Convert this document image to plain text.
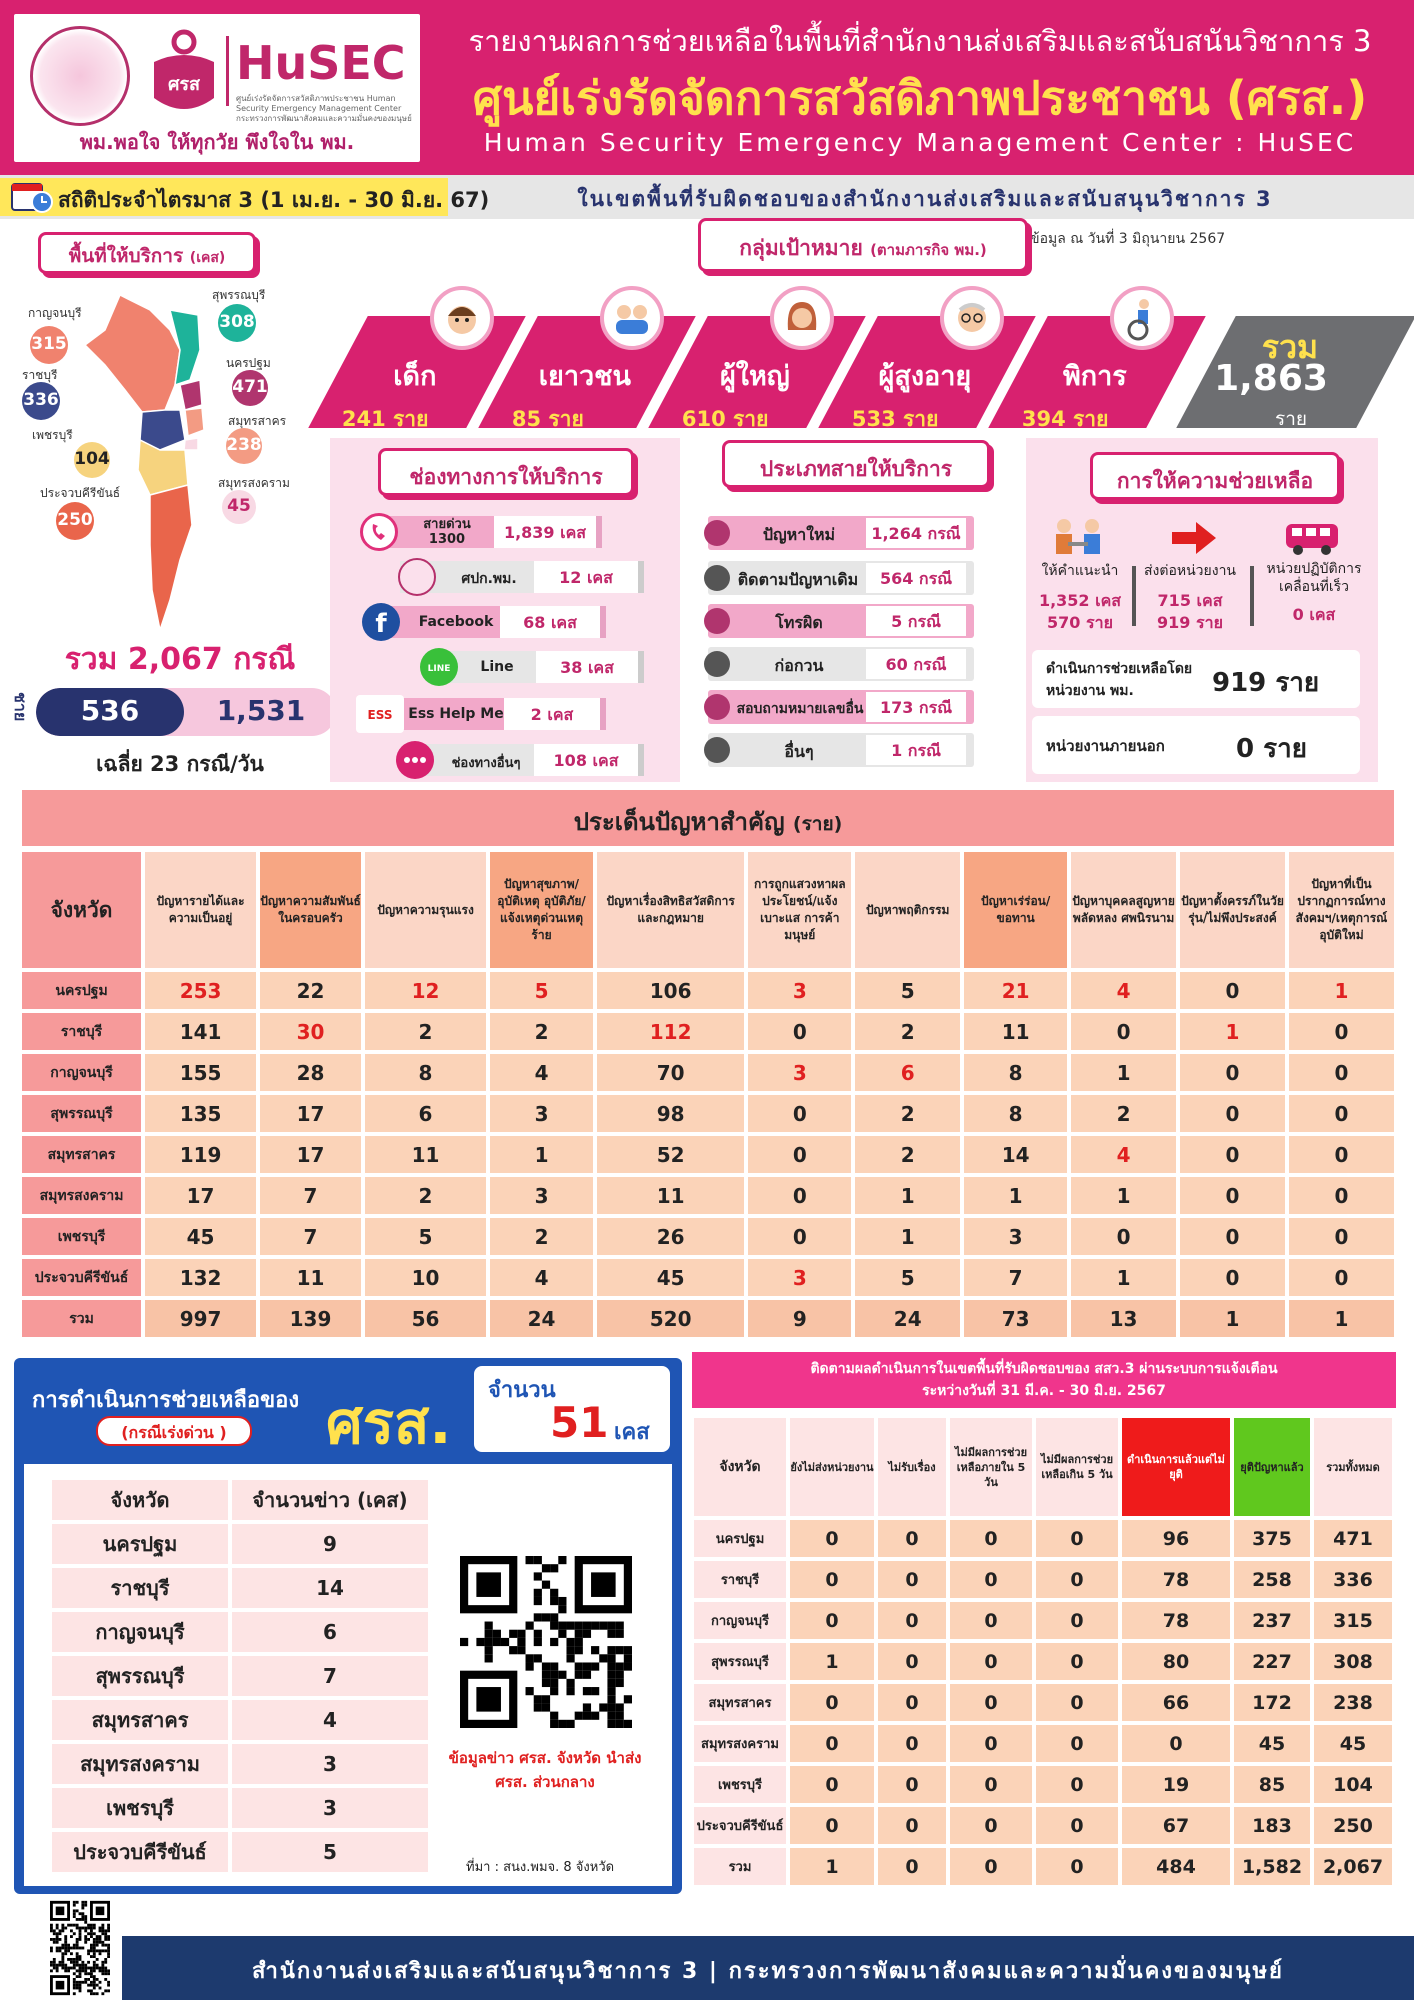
ศรส HuSEC
ศูนย์เร่งรัดจัดการสวัสดิภาพประชาชน Human Security Emergency Management Center กระทรวงการพัฒนาสังคมและความมั่นคงของมนุษย์
พม.พอใจ ให้ทุกวัย พึงใจใน พม.
รายงานผลการช่วยเหลือในพื้นที่สำนักงานส่งเสริมและสนับสนันวิชาการ 3
ศูนย์เร่งรัดจัดการสวัสดิภาพประชาชน (ศรส.)
Human Security Emergency Management Center : HuSEC
สถิติประจำไตรมาส 3 (1 เม.ย. - 30 มิ.ย. 67)	ในเขตพื้นที่รับผิดชอบของสำนักงานส่งเสริมและสนับสนุนวิชาการ 3
พื้นที่ให้บริการ (เคส)
กาญจนบุรี
315
สุพรรณบุรี
308
ราชบุรี
336
นครปฐม
471
สมุทรสาคร
238
เพชรบุรี
104
สมุทรสงคราม
45
ประจวบคีรีขันธ์
250
รวม 2,067 กรณี
ชาย	536	1,531
เฉลี่ย 23 กรณี/วัน
ข้อมูล ณ วันที่ 3 มิถุนายน 2567
กลุ่มเป้าหมาย (ตามภารกิจ พม.)
เด็ก
241 ราย
เยาวชน
85 ราย
ผู้ใหญ่
610 ราย
ผู้สูงอายุ
533 ราย
พิการ
394 ราย
รวม
1,863
ราย
ช่องทางการให้บริการ
สายด่วน 1300	1,839 เคส
ศปก.พม.	12 เคส
f	Facebook	68 เคส
LINE	Line	38 เคส
ESS Ess Help Me	2 เคส
ช่องทางอื่นๆ	108 เคส
ประเภทสายให้บริการ
ปัญหาใหม่	1,264 กรณี
ติดตามปัญหาเดิม	564 กรณี
โทรผิด	5 กรณี
ก่อกวน	60 กรณี
สอบถามหมายเลขอื่น	173 กรณี
อื่นๆ	1 กรณี
การให้ความช่วยเหลือ
ให้คำแนะนำ
1,352 เคส
570 ราย
ส่งต่อหน่วยงาน
715 เคส
919 ราย
หน่วยปฏิบัติการเคลื่อนที่เร็ว
0 เคส
ดำเนินการช่วยเหลือโดยหน่วยงาน พม.	919 ราย
หน่วยงานภายนอก	0 ราย
ประเด็นปัญหาสำคัญ (ราย)
จังหวัด	ปัญหารายได้และความเป็นอยู่	ปัญหาความสัมพันธ์ในครอบครัว	ปัญหาความรุนแรง	ปัญหาสุขภาพ/อุบัติเหตุ อุบัติภัย/แจ้งเหตุด่วนเหตุร้าย	ปัญหาเรื่องสิทธิสวัสดิการและกฎหมาย	การถูกแสวงหาผลประโยชน์/แจ้งเบาะแส การค้ามนุษย์	ปัญหาพฤติกรรม	ปัญหาเร่ร่อน/ขอทาน	ปัญหาบุคคลสูญหาย พลัดหลง ศพนิรนาม	ปัญหาตั้งครรภ์ในวัยรุ่น/ไม่พึงประสงค์	ปัญหาที่เป็นปรากฏการณ์ทางสังคมฯ/เหตุการณ์อุบัติใหม่
นครปฐม	253	22	12	5	106	3	5	21	4	0	1
ราชบุรี	141	30	2	2	112	0	2	11	0	1	0
กาญจนบุรี	155	28	8	4	70	3	6	8	1	0	0
สุพรรณบุรี	135	17	6	3	98	0	2	8	2	0	0
สมุทรสาคร	119	17	11	1	52	0	2	14	4	0	0
สมุทรสงคราม	17	7	2	3	11	0	1	1	1	0	0
เพชรบุรี	45	7	5	2	26	0	1	3	0	0	0
ประจวบคีรีขันธ์	132	11	10	4	45	3	5	7	1	0	0
รวม	997	139	56	24	520	9	24	73	13	1	1
การดำเนินการช่วยเหลือของ
(กรณีเร่งด่วน )	ศรส. จำนวน
51 เคส
จังหวัด	จำนวนข่าว (เคส)
นครปฐม	9
ราชบุรี	14
กาญจนบุรี	6
สุพรรณบุรี	7
สมุทรสาคร	4
สมุทรสงคราม	3
เพชรบุรี	3
ประจวบคีรีขันธ์	5
ข้อมูลข่าว ศรส. จังหวัด นำส่ง ศรส. ส่วนกลาง
ที่มา : สนง.พมจ. 8 จังหวัด
ติดตามผลดำเนินการในเขตพื้นที่รับผิดชอบของ สสว.3 ผ่านระบบการแจ้งเตือน
ระหว่างวันที่ 31 มี.ค. - 30 มิ.ย. 2567
จังหวัด	ยังไม่ส่งหน่วยงาน	ไม่รับเรื่อง	ไม่มีผลการช่วยเหลือภายใน 5 วัน	ไม่มีผลการช่วยเหลือเกิน 5 วัน	ดำเนินการแล้วแต่ไม่ยุติ	ยุติปัญหาแล้ว	รวมทั้งหมด
นครปฐม	0	0	0	0	96	375	471
ราชบุรี	0	0	0	0	78	258	336
กาญจนบุรี	0	0	0	0	78	237	315
สุพรรณบุรี	1	0	0	0	80	227	308
สมุทรสาคร	0	0	0	0	66	172	238
สมุทรสงคราม	0	0	0	0	0	45	45
เพชรบุรี	0	0	0	0	19	85	104
ประจวบคีรีขันธ์	0	0	0	0	67	183	250
รวม	1	0	0	0	484	1,582	2,067
สำนักงานส่งเสริมและสนับสนุนวิชาการ 3 | กระทรวงการพัฒนาสังคมและความมั่นคงของมนุษย์
